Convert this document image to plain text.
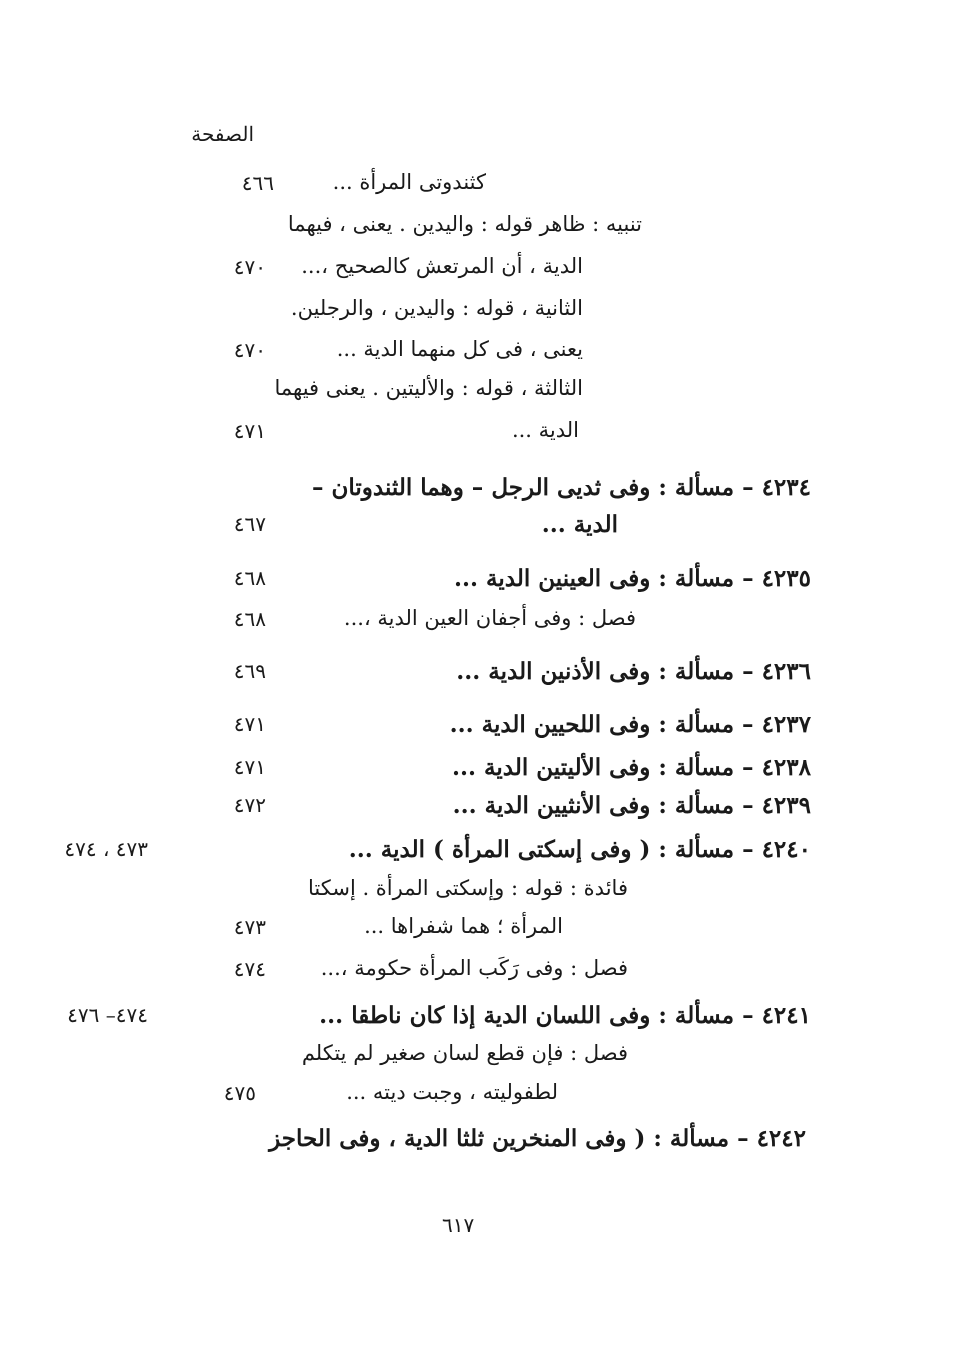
الصفحة
كثندوتى المرأة ...
٤٦٦
تنبيه : ظاهر قوله : واليدين . يعنى ، فيهما
الدية ، أن المرتعش كالصحيح ،...
٤٧٠
الثانية ، قوله : واليدين ، والرجلين.
يعنى ، فى كل منهما الدية ...
٤٧٠
الثالثة ، قوله : والأليتين . يعنى فيهما
الدية ...
٤٧١
٤٢٣٤ – مسألة : وفى ثديى الرجل – وهما الثندوتان –
الدية ...
٤٦٧
٤٢٣٥ – مسألة : وفى العينين الدية ...
٤٦٨
فصل : وفى أجفان العين الدية ،...
٤٦٨
٤٢٣٦ – مسألة : وفى الأذنين الدية ...
٤٦٩
٤٢٣٧ – مسألة : وفى اللحيين الدية ...
٤٧١
٤٢٣٨ – مسألة : وفى الأليتين الدية ...
٤٧١
٤٢٣٩ – مسألة : وفى الأنثيين الدية ...
٤٧٢
٤٢٤٠ – مسألة : ( وفى إسكتى المرأة ) الدية ...
٤٧٣ ، ٤٧٤
فائدة : قوله : وإسكتى المرأة . إسكتا
المرأة ؛ هما شفراها ...
٤٧٣
فصل : وفى رَكَب المرأة حكومة ،...
٤٧٤
٤٢٤١ – مسألة : وفى اللسان الدية إذا كان ناطقا ...
٤٧٤– ٤٧٦
فصل : فإن قطع لسان صغير لم يتكلم
لطفوليته ، وجبت ديته ...
٤٧٥
٤٢٤٢ – مسألة : ( وفى المنخرين ثلثا الدية ، وفى الحاجز
٦١٧
